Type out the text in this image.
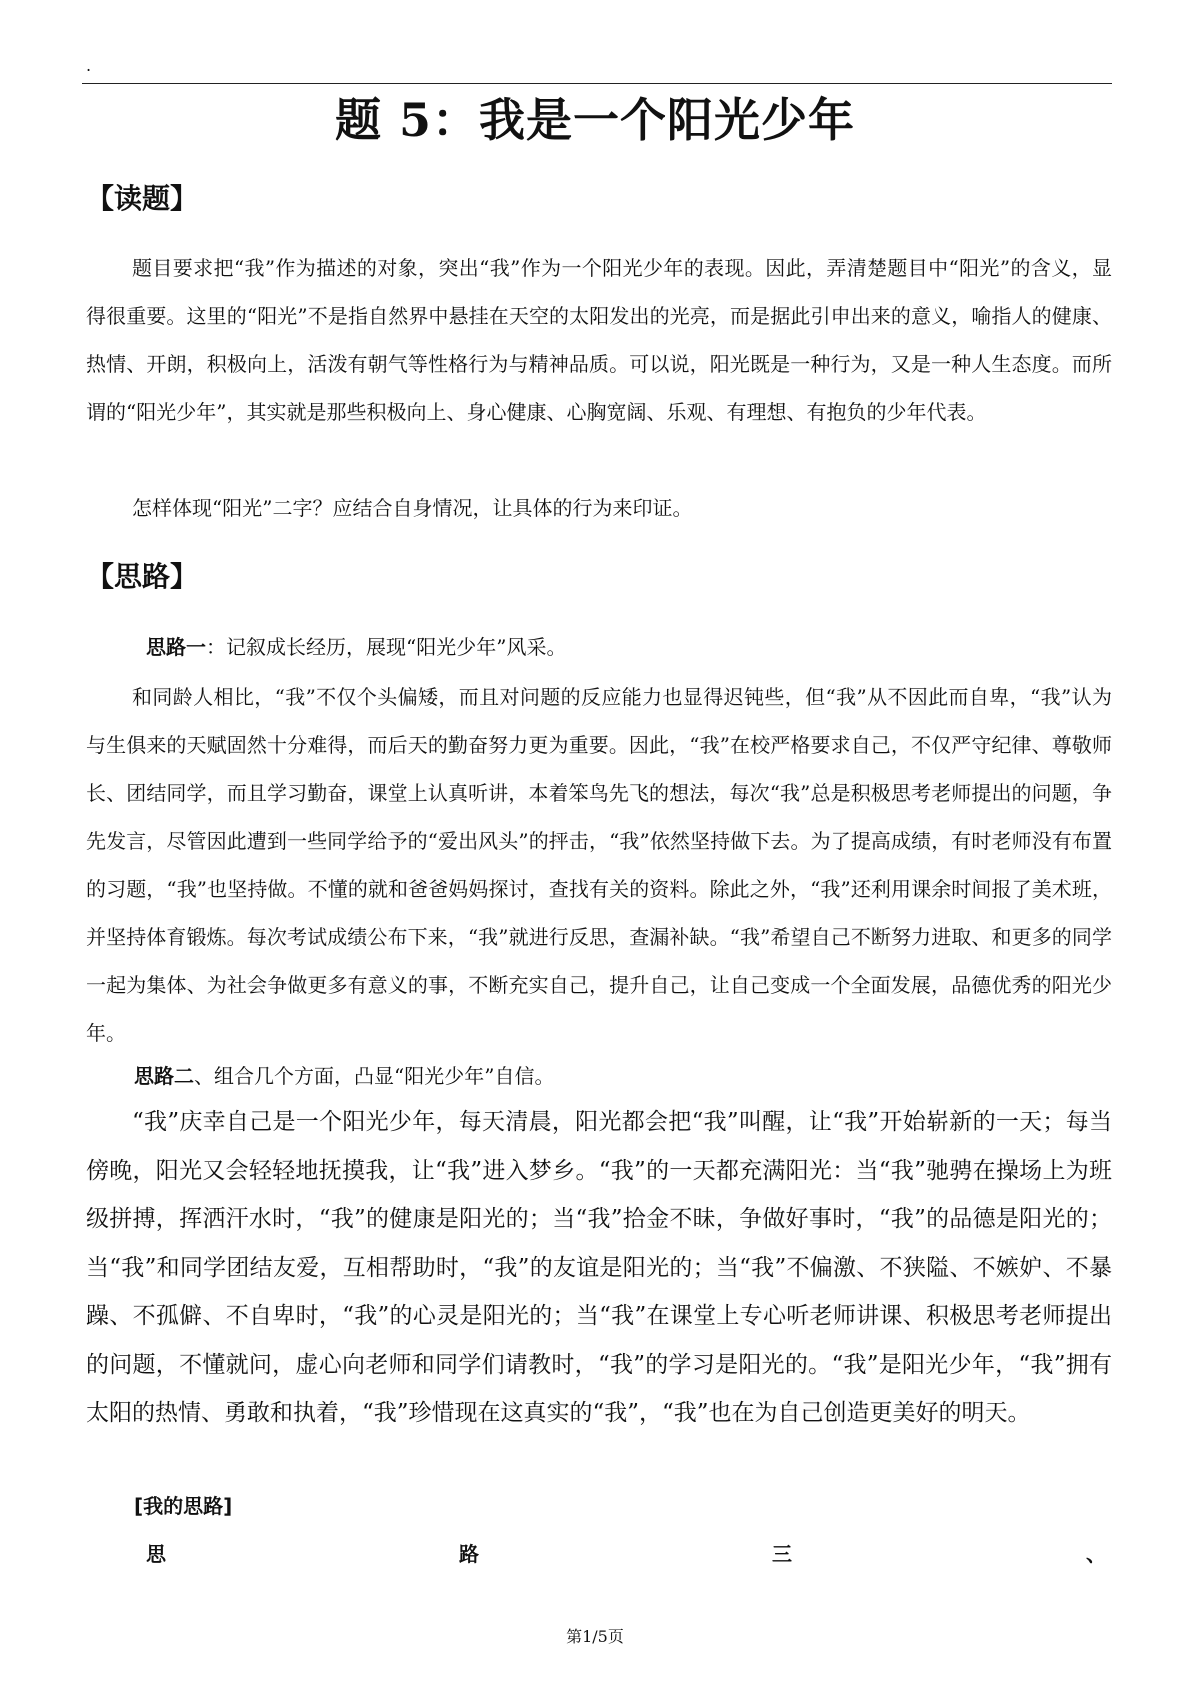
.
题 5：我是一个阳光少年
【读题】

题目要求把“我”作为描述的对象，突出“我”作为一个阳光少年的表现。因此，弄清楚题目中“阳光”的含义，显得很重要。这里的“阳光”不是指自然界中悬挂在天空的太阳发出的光亮，而是据此引申出来的意义，喻指人的健康、热情、开朗，积极向上，活泼有朝气等性格行为与精神品质。可以说，阳光既是一种行为，又是一种人生态度。而所谓的“阳光少年”，其实就是那些积极向上、身心健康、心胸宽阔、乐观、有理想、有抱负的少年代表。

怎样体现“阳光”二字？应结合自身情况，让具体的行为来印证。

【思路】
思路一：记叙成长经历，展现“阳光少年”风采。

和同龄人相比，“我”不仅个头偏矮，而且对问题的反应能力也显得迟钝些，但“我”从不因此而自卑，“我”认为与生俱来的天赋固然十分难得，而后天的勤奋努力更为重要。因此，“我”在校严格要求自己，不仅严守纪律、尊敬师长、团结同学，而且学习勤奋，课堂上认真听讲，本着笨鸟先飞的想法，每次“我”总是积极思考老师提出的问题，争先发言，尽管因此遭到一些同学给予的“爱出风头”的抨击，“我”依然坚持做下去。为了提高成绩，有时老师没有布置的习题，“我”也坚持做。不懂的就和爸爸妈妈探讨，查找有关的资料。除此之外，“我”还利用课余时间报了美术班，并坚持体育锻炼。每次考试成绩公布下来，“我”就进行反思，查漏补缺。“我”希望自己不断努力进取、和更多的同学一起为集体、为社会争做更多有意义的事，不断充实自己，提升自己，让自己变成一个全面发展，品德优秀的阳光少年。

思路二、组合几个方面，凸显“阳光少年”自信。

“我”庆幸自己是一个阳光少年，每天清晨，阳光都会把“我”叫醒，让“我”开始崭新的一天；每当傍晚，阳光又会轻轻地抚摸我，让“我”进入梦乡。“我”的一天都充满阳光：当“我”驰骋在操场上为班级拼搏，挥洒汗水时，“我”的健康是阳光的；当“我”拾金不昧，争做好事时，“我”的品德是阳光的；当“我”和同学团结友爱，互相帮助时，“我”的友谊是阳光的；当“我”不偏激、不狭隘、不嫉妒、不暴躁、不孤僻、不自卑时，“我”的心灵是阳光的；当“我”在课堂上专心听老师讲课、积极思考老师提出的问题，不懂就问，虚心向老师和同学们请教时，“我”的学习是阳光的。“我”是阳光少年，“我”拥有太阳的热情、勇敢和执着，“我”珍惜现在这真实的“我”，“我”也在为自己创造更美好的明天。

[我的思路]
思	路	三	、
第1/5页
